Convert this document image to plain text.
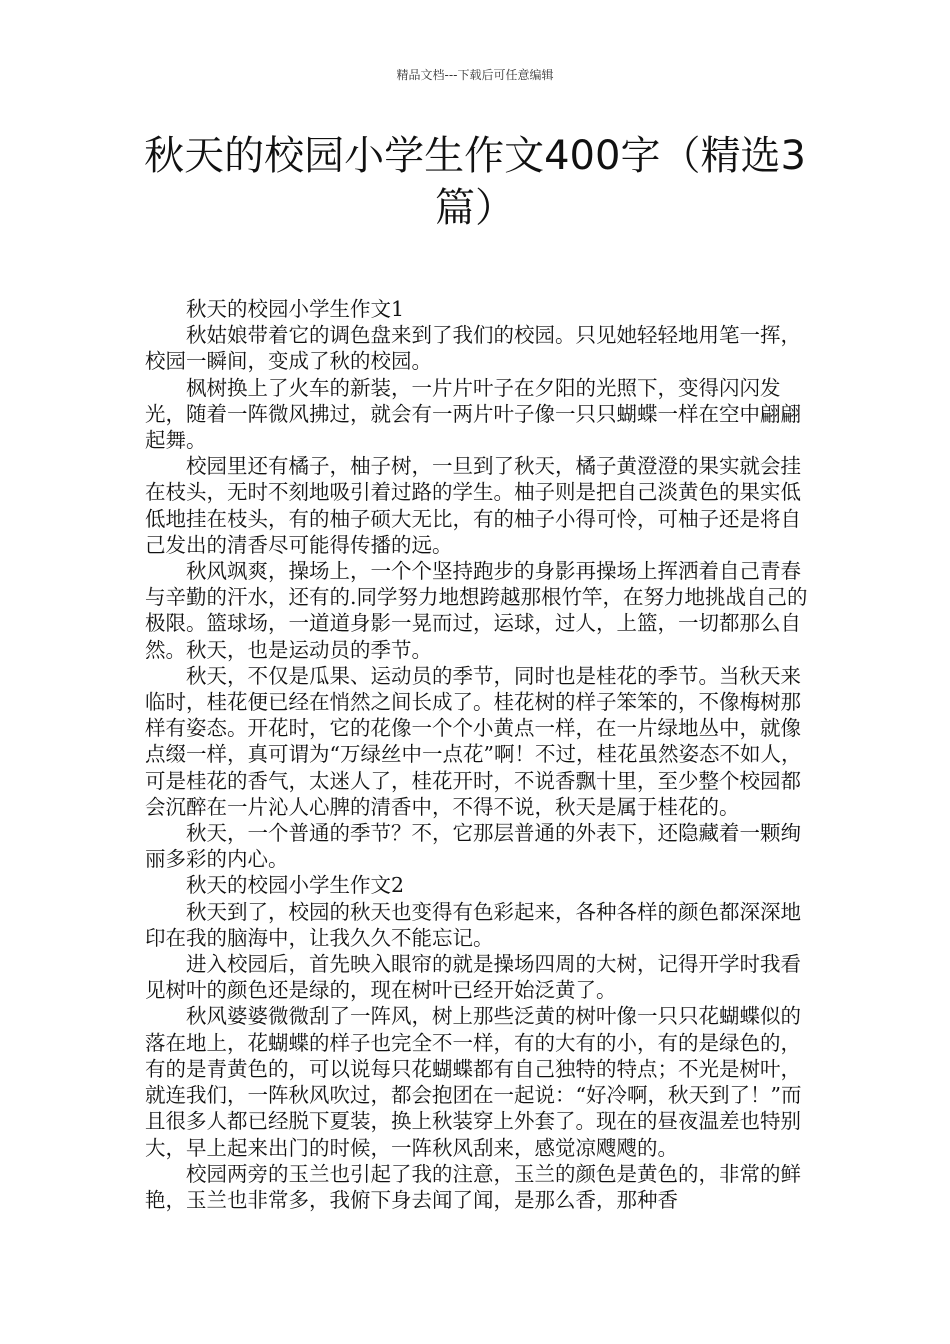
精品文档---下载后可任意编辑
秋天的校园小学生作文400字（精选3篇）

秋天的校园小学生作文1

秋姑娘带着它的调色盘来到了我们的校园。只见她轻轻地用笔一挥，校园一瞬间，变成了秋的校园。

枫树换上了火车的新装，一片片叶子在夕阳的光照下，变得闪闪发光，随着一阵微风拂过，就会有一两片叶子像一只只蝴蝶一样在空中翩翩起舞。

校园里还有橘子，柚子树，一旦到了秋天，橘子黄澄澄的果实就会挂在枝头，无时不刻地吸引着过路的学生。柚子则是把自己淡黄色的果实低低地挂在枝头，有的柚子硕大无比，有的柚子小得可怜，可柚子还是将自己发出的清香尽可能得传播的远。

秋风飒爽，操场上，一个个坚持跑步的身影再操场上挥洒着自己青春与辛勤的汗水，还有的.同学努力地想跨越那根竹竿，在努力地挑战自己的极限。篮球场，一道道身影一晃而过，运球，过人，上篮，一切都那么自然。秋天，也是运动员的季节。

秋天，不仅是瓜果、运动员的季节，同时也是桂花的季节。当秋天来临时，桂花便已经在悄然之间长成了。桂花树的样子笨笨的，不像梅树那样有姿态。开花时，它的花像一个个小黄点一样，在一片绿地丛中，就像点缀一样，真可谓为“万绿丝中一点花”啊！不过，桂花虽然姿态不如人，可是桂花的香气，太迷人了，桂花开时，不说香飘十里，至少整个校园都会沉醉在一片沁人心脾的清香中，不得不说，秋天是属于桂花的。

秋天，一个普通的季节？不，它那层普通的外表下，还隐藏着一颗绚丽多彩的内心。

秋天的校园小学生作文2

秋天到了，校园的秋天也变得有色彩起来，各种各样的颜色都深深地印在我的脑海中，让我久久不能忘记。

进入校园后，首先映入眼帘的就是操场四周的大树，记得开学时我看见树叶的颜色还是绿的，现在树叶已经开始泛黄了。

秋风婆婆微微刮了一阵风，树上那些泛黄的树叶像一只只花蝴蝶似的落在地上，花蝴蝶的样子也完全不一样，有的大有的小，有的是绿色的，有的是青黄色的，可以说每只花蝴蝶都有自己独特的特点；不光是树叶，就连我们，一阵秋风吹过，都会抱团在一起说：“好冷啊，秋天到了！”而且很多人都已经脱下夏装，换上秋装穿上外套了。现在的昼夜温差也特别大，早上起来出门的时候，一阵秋风刮来，感觉凉飕飕的。

校园两旁的玉兰也引起了我的注意，玉兰的颜色是黄色的，非常的鲜艳，玉兰也非常多，我俯下身去闻了闻，是那么香，那种香
